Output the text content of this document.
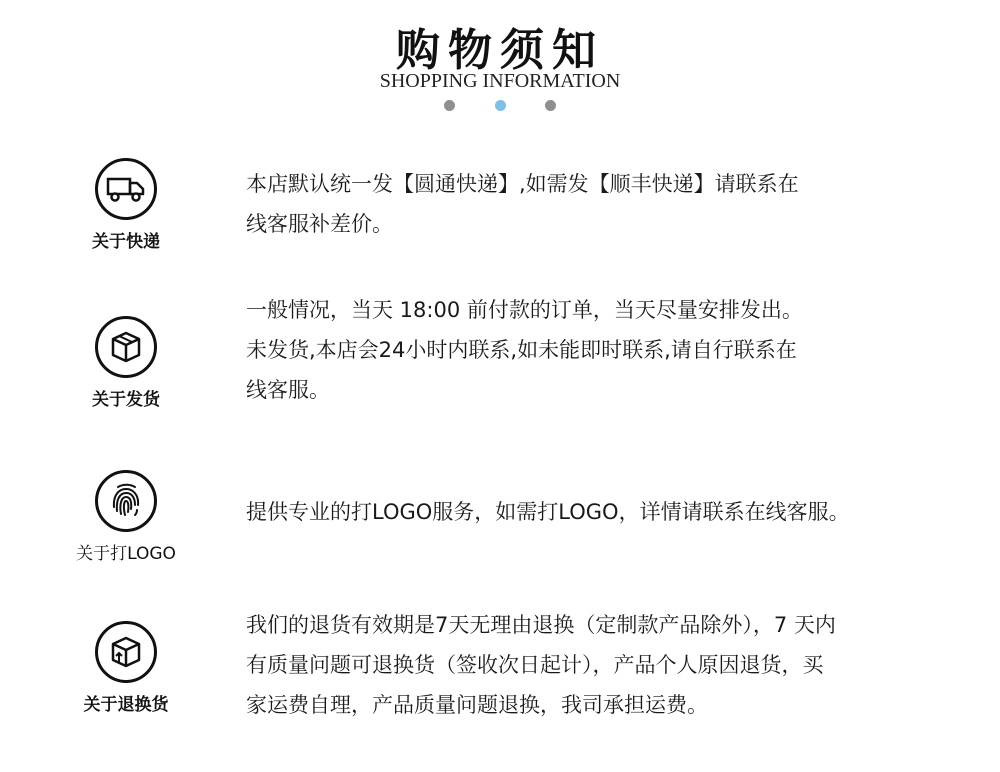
购物须知
SHOPPING INFORMATION

关于快递

本店默认统一发【圆通快递】,如需发【顺丰快递】请联系在

线客服补差价。

关于发货

一般情况，当天 18:00 前付款的订单，当天尽量安排发出。

未发货,本店会24小时内联系,如未能即时联系,请自行联系在

线客服。

关于打LOGO

提供专业的打LOGO服务，如需打LOGO，详情请联系在线客服。

关于退换货

我们的退货有效期是7天无理由退换（定制款产品除外），7 天内

有质量问题可退换货（签收次日起计），产品个人原因退货，买

家运费自理，产品质量问题退换，我司承担运费。
